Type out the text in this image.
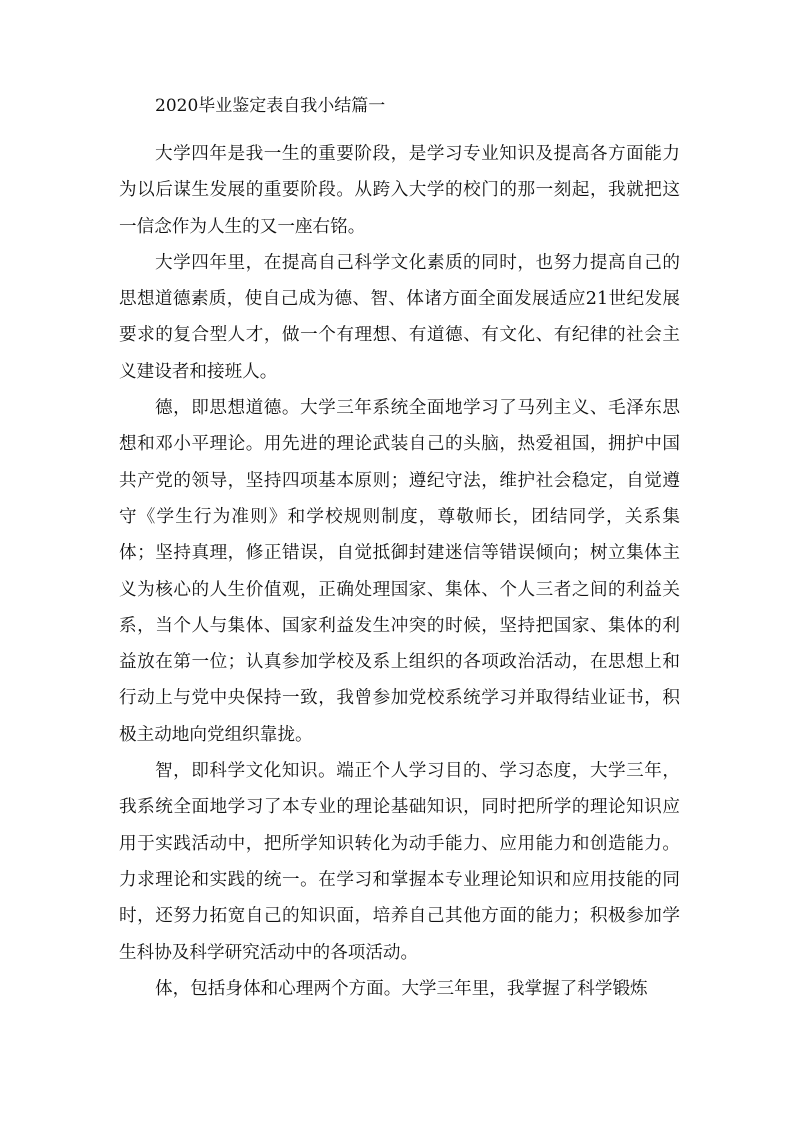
2020毕业鉴定表自我小结篇一

大学四年是我一生的重要阶段，是学习专业知识及提高各方面能力为以后谋生发展的重要阶段。从跨入大学的校门的那一刻起，我就把这一信念作为人生的又一座右铭。

大学四年里，在提高自己科学文化素质的同时，也努力提高自己的思想道德素质，使自己成为德、智、体诸方面全面发展适应21世纪发展要求的复合型人才，做一个有理想、有道德、有文化、有纪律的社会主义建设者和接班人。

德，即思想道德。大学三年系统全面地学习了马列主义、毛泽东思想和邓小平理论。用先进的理论武装自己的头脑，热爱祖国，拥护中国共产党的领导，坚持四项基本原则；遵纪守法，维护社会稳定，自觉遵守《学生行为准则》和学校规则制度，尊敬师长，团结同学，关系集体；坚持真理，修正错误，自觉抵御封建迷信等错误倾向；树立集体主义为核心的人生价值观，正确处理国家、集体、个人三者之间的利益关系，当个人与集体、国家利益发生冲突的时候，坚持把国家、集体的利益放在第一位；认真参加学校及系上组织的各项政治活动，在思想上和行动上与党中央保持一致，我曾参加党校系统学习并取得结业证书，积极主动地向党组织靠拢。

智，即科学文化知识。端正个人学习目的、学习态度，大学三年，我系统全面地学习了本专业的理论基础知识，同时把所学的理论知识应用于实践活动中，把所学知识转化为动手能力、应用能力和创造能力。力求理论和实践的统一。在学习和掌握本专业理论知识和应用技能的同时，还努力拓宽自己的知识面，培养自己其他方面的能力；积极参加学生科协及科学研究活动中的各项活动。

体，包括身体和心理两个方面。大学三年里，我掌握了科学锻炼
